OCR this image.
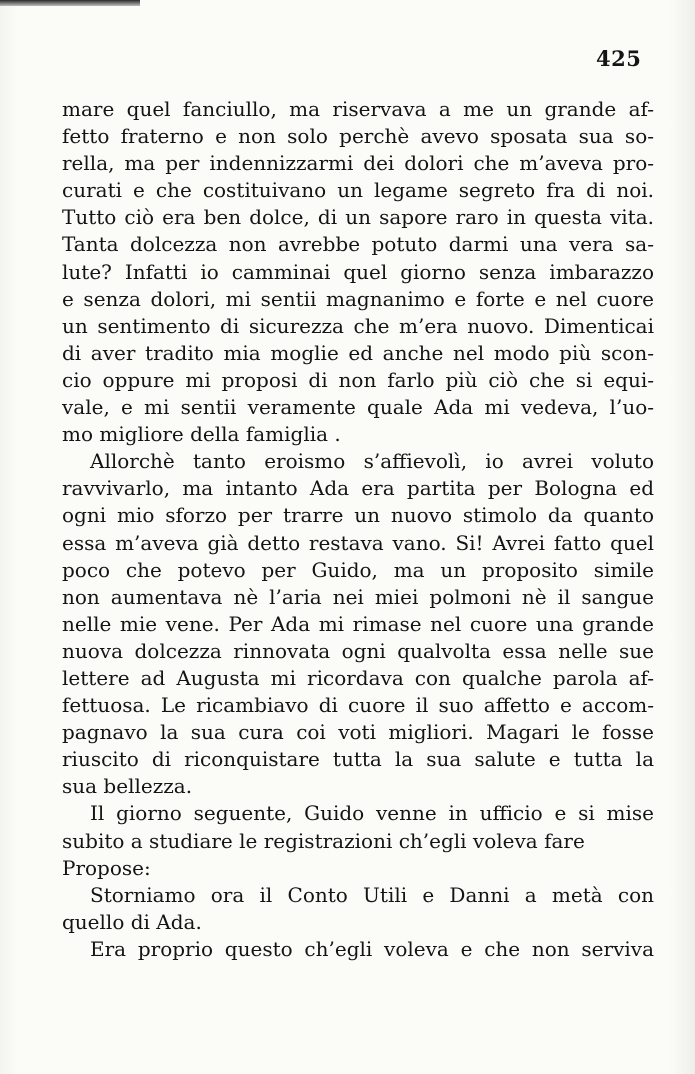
425
mare quel fanciullo, ma riservava a me un grande af-
fetto fraterno e non solo perchè avevo sposata sua so-
rella, ma per indennizzarmi dei dolori che m’aveva pro-
curati e che costituivano un legame segreto fra di noi.
Tutto ciò era ben dolce, di un sapore raro in questa vita.
Tanta dolcezza non avrebbe potuto darmi una vera sa-
lute? Infatti io camminai quel giorno senza imbarazzo
e senza dolori, mi sentii magnanimo e forte e nel cuore
un sentimento di sicurezza che m’era nuovo. Dimenticai
di aver tradito mia moglie ed anche nel modo più scon-
cio oppure mi proposi di non farlo più ciò che si equi-
vale, e mi sentii veramente quale Ada mi vedeva, l’uo-
mo migliore della famiglia .
Allorchè tanto eroismo s’affievolì, io avrei voluto
ravvivarlo, ma intanto Ada era partita per Bologna ed
ogni mio sforzo per trarre un nuovo stimolo da quanto
essa m’aveva già detto restava vano. Si! Avrei fatto quel
poco che potevo per Guido, ma un proposito simile
non aumentava nè l’aria nei miei polmoni nè il sangue
nelle mie vene. Per Ada mi rimase nel cuore una grande
nuova dolcezza rinnovata ogni qualvolta essa nelle sue
lettere ad Augusta mi ricordava con qualche parola af-
fettuosa. Le ricambiavo di cuore il suo affetto e accom-
pagnavo la sua cura coi voti migliori. Magari le fosse
riuscito di riconquistare tutta la sua salute e tutta la
sua bellezza.
Il giorno seguente, Guido venne in ufficio e si mise
subito a studiare le registrazioni ch’egli voleva fare
Propose:
Storniamo ora il Conto Utili e Danni a metà con
quello di Ada.
Era proprio questo ch’egli voleva e che non serviva
